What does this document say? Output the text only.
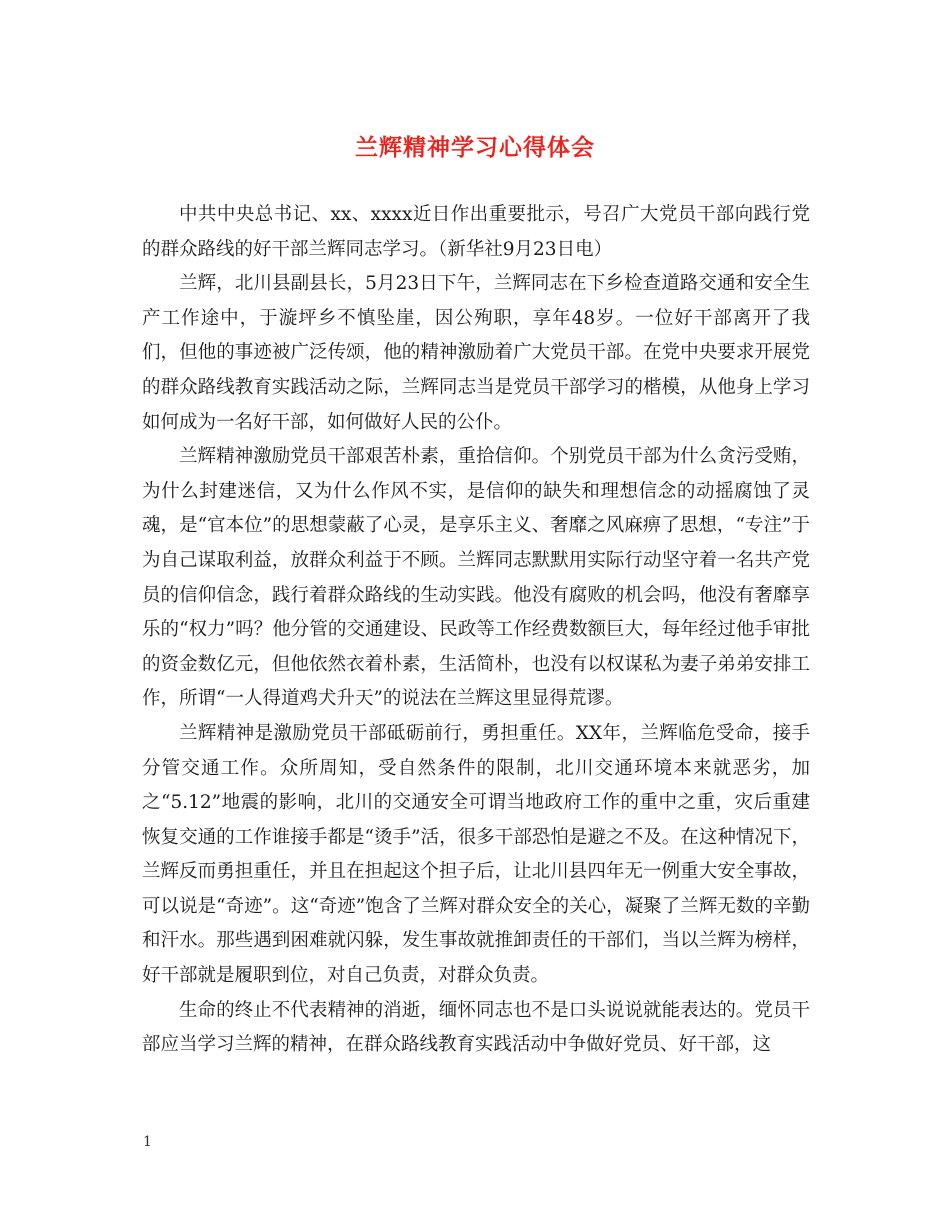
兰辉精神学习心得体会

中共中央总书记、xx、xxxx近日作出重要批示，号召广大党员干部向践行党的群众路线的好干部兰辉同志学习。（新华社9月23日电）

兰辉，北川县副县长，5月23日下午，兰辉同志在下乡检查道路交通和安全生产工作途中，于漩坪乡不慎坠崖，因公殉职，享年48岁。一位好干部离开了我们，但他的事迹被广泛传颂，他的精神激励着广大党员干部。在党中央要求开展党的群众路线教育实践活动之际，兰辉同志当是党员干部学习的楷模，从他身上学习如何成为一名好干部，如何做好人民的公仆。

兰辉精神激励党员干部艰苦朴素，重拾信仰。个别党员干部为什么贪污受贿，为什么封建迷信，又为什么作风不实，是信仰的缺失和理想信念的动摇腐蚀了灵魂，是“官本位”的思想蒙蔽了心灵，是享乐主义、奢靡之风麻痹了思想，“专注”于为自己谋取利益，放群众利益于不顾。兰辉同志默默用实际行动坚守着一名共产党员的信仰信念，践行着群众路线的生动实践。他没有腐败的机会吗，他没有奢靡享乐的“权力”吗？他分管的交通建设、民政等工作经费数额巨大，每年经过他手审批的资金数亿元，但他依然衣着朴素，生活简朴，也没有以权谋私为妻子弟弟安排工作，所谓“一人得道鸡犬升天”的说法在兰辉这里显得荒谬。

兰辉精神是激励党员干部砥砺前行，勇担重任。XX年，兰辉临危受命，接手分管交通工作。众所周知，受自然条件的限制，北川交通环境本来就恶劣，加之“5.12”地震的影响，北川的交通安全可谓当地政府工作的重中之重，灾后重建恢复交通的工作谁接手都是“烫手”活，很多干部恐怕是避之不及。在这种情况下，兰辉反而勇担重任，并且在担起这个担子后，让北川县四年无一例重大安全事故，可以说是“奇迹”。这“奇迹”饱含了兰辉对群众安全的关心，凝聚了兰辉无数的辛勤和汗水。那些遇到困难就闪躲，发生事故就推卸责任的干部们，当以兰辉为榜样，好干部就是履职到位，对自己负责，对群众负责。

生命的终止不代表精神的消逝，缅怀同志也不是口头说说就能表达的。党员干部应当学习兰辉的精神，在群众路线教育实践活动中争做好党员、好干部，这

1
